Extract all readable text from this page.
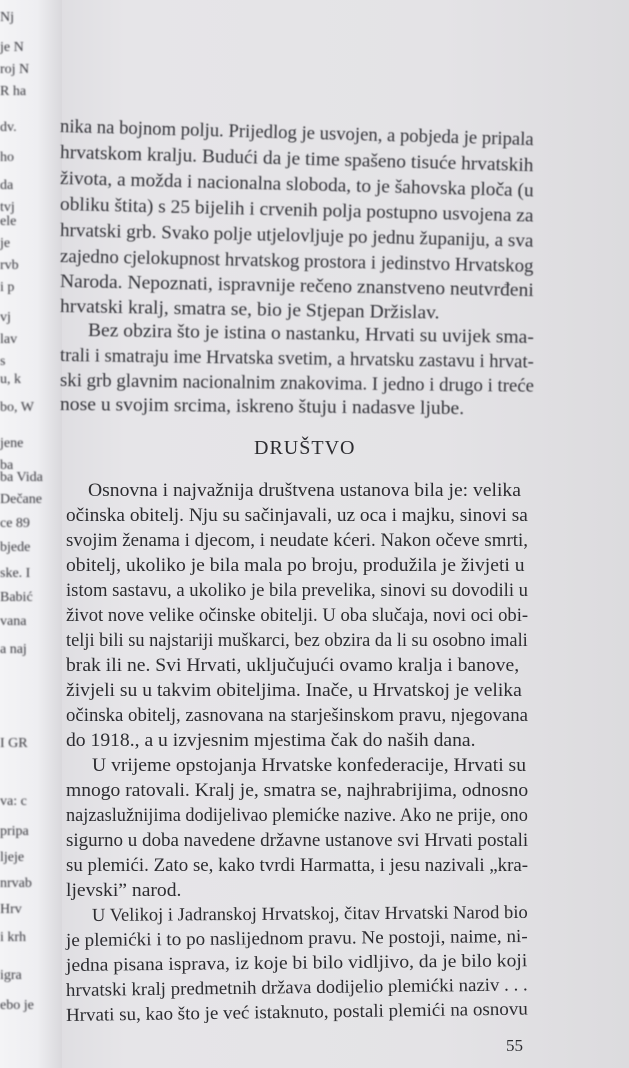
Nj
je N
roj N
R ha
dv.
ho
da
tvj
ele
je
rvb
i p
vj
lav
s
u, k
bo, W
jene
ba
ba Vida
Dečane
ce 89
bjede
ske. I
Babić
vana
a naj
I GR
va: c
pripa
ljeje
nrvab
Hrv
i krh
igra
ebo je
nika na bojnom polju. Prijedlog je usvojen, a pobjeda je pripala
hrvatskom kralju. Budući da je time spašeno tisuće hrvatskih
života, a možda i nacionalna sloboda, to je šahovska ploča (u
obliku štita) s 25 bijelih i crvenih polja postupno usvojena za
hrvatski grb. Svako polje utjelovljuje po jednu županiju, a sva
zajedno cjelokupnost hrvatskog prostora i jedinstvo Hrvatskog
Naroda. Nepoznati, ispravnije rečeno znanstveno neutvrđeni
hrvatski kralj, smatra se, bio je Stjepan Držislav.
Bez obzira što je istina o nastanku, Hrvati su uvijek sma-
trali i smatraju ime Hrvatska svetim, a hrvatsku zastavu i hrvat-
ski grb glavnim nacionalnim znakovima. I jedno i drugo i treće
nose u svojim srcima, iskreno štuju i nadasve ljube.
DRUŠTVO
Osnovna i najvažnija društvena ustanova bila je: velika
očinska obitelj. Nju su sačinjavali, uz oca i majku, sinovi sa
svojim ženama i djecom, i neudate kćeri. Nakon očeve smrti,
obitelj, ukoliko je bila mala po broju, produžila je živjeti u
istom sastavu, a ukoliko je bila prevelika, sinovi su dovodili u
život nove velike očinske obitelji. U oba slučaja, novi oci obi-
telji bili su najstariji muškarci, bez obzira da li su osobno imali
brak ili ne. Svi Hrvati, uključujući ovamo kralja i banove,
živjeli su u takvim obiteljima. Inače, u Hrvatskoj je velika
očinska obitelj, zasnovana na starješinskom pravu, njegovana
do 1918., a u izvjesnim mjestima čak do naših dana.
U vrijeme opstojanja Hrvatske konfederacije, Hrvati su
mnogo ratovali. Kralj je, smatra se, najhrabrijima, odnosno
najzaslužnijima dodijelivao plemićke nazive. Ako ne prije, ono
sigurno u doba navedene državne ustanove svi Hrvati postali
su plemići. Zato se, kako tvrdi Harmatta, i jesu nazivali „kra-
ljevski” narod.
U Velikoj i Jadranskoj Hrvatskoj, čitav Hrvatski Narod bio
je plemićki i to po naslijednom pravu. Ne postoji, naime, ni-
jedna pisana isprava, iz koje bi bilo vidljivo, da je bilo koji
hrvatski kralj predmetnih država dodijelio plemićki naziv . . .
Hrvati su, kao što je već istaknuto, postali plemići na osnovu
55
